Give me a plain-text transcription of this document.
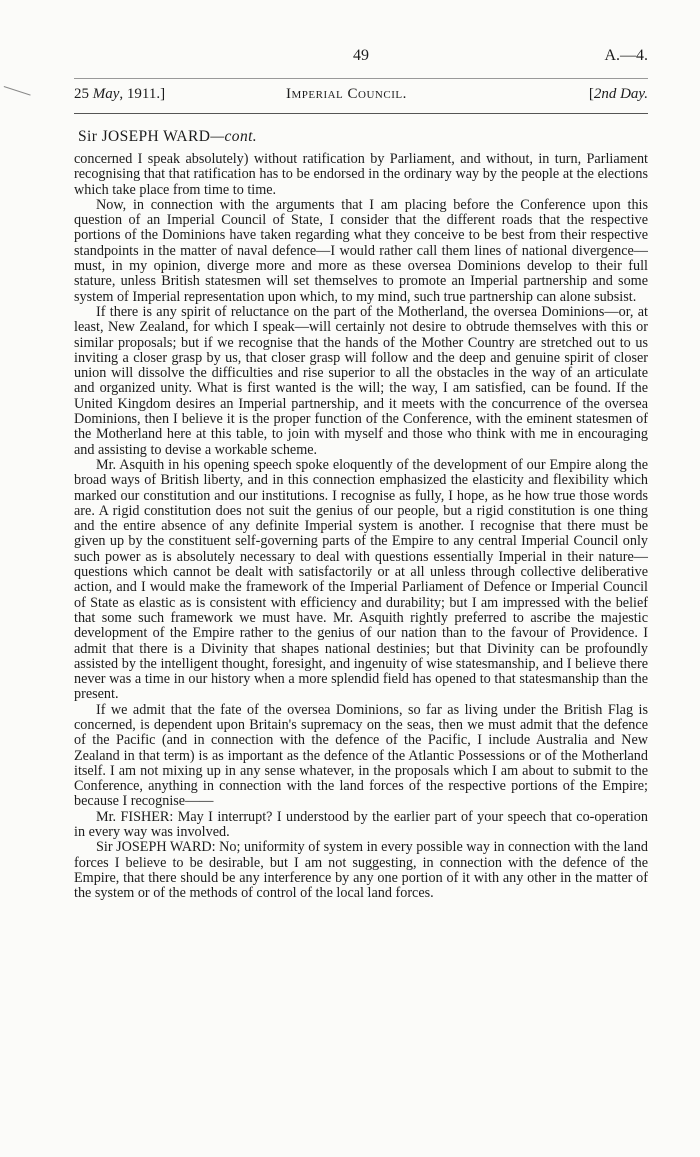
49	A.—4.
25 May, 1911.]	Imperial Council.	[2nd Day.
Sir JOSEPH WARD—cont.

concerned I speak absolutely) without ratification by Parliament, and without, in turn, Parliament recognising that that ratification has to be endorsed in the ordinary way by the people at the elections which take place from time to time.

Now, in connection with the arguments that I am placing before the Conference upon this question of an Imperial Council of State, I consider that the different roads that the respective portions of the Dominions have taken regarding what they conceive to be best from their respective standpoints in the matter of naval defence—I would rather call them lines of national divergence—must, in my opinion, diverge more and more as these oversea Dominions develop to their full stature, unless British statesmen will set themselves to promote an Imperial partnership and some system of Imperial representation upon which, to my mind, such true partnership can alone subsist.

If there is any spirit of reluctance on the part of the Motherland, the oversea Dominions—or, at least, New Zealand, for which I speak—will certainly not desire to obtrude themselves with this or similar proposals; but if we recognise that the hands of the Mother Country are stretched out to us inviting a closer grasp by us, that closer grasp will follow and the deep and genuine spirit of closer union will dissolve the difficulties and rise superior to all the obstacles in the way of an articulate and organized unity. What is first wanted is the will; the way, I am satisfied, can be found. If the United Kingdom desires an Imperial partnership, and it meets with the concurrence of the oversea Dominions, then I believe it is the proper function of the Conference, with the eminent statesmen of the Motherland here at this table, to join with myself and those who think with me in encouraging and assisting to devise a workable scheme.

Mr. Asquith in his opening speech spoke eloquently of the development of our Empire along the broad ways of British liberty, and in this connection emphasized the elasticity and flexibility which marked our constitution and our institutions. I recognise as fully, I hope, as he how true those words are. A rigid constitution does not suit the genius of our people, but a rigid constitution is one thing and the entire absence of any definite Imperial system is another. I recognise that there must be given up by the constituent self-governing parts of the Empire to any central Imperial Council only such power as is absolutely necessary to deal with questions essentially Imperial in their nature—questions which cannot be dealt with satisfactorily or at all unless through collective deliberative action, and I would make the framework of the Imperial Parliament of Defence or Imperial Council of State as elastic as is consistent with efficiency and durability; but I am impressed with the belief that some such framework we must have. Mr. Asquith rightly preferred to ascribe the majestic development of the Empire rather to the genius of our nation than to the favour of Providence. I admit that there is a Divinity that shapes national destinies; but that Divinity can be profoundly assisted by the intelligent thought, foresight, and ingenuity of wise statesmanship, and I believe there never was a time in our history when a more splendid field has opened to that statesmanship than the present.

If we admit that the fate of the oversea Dominions, so far as living under the British Flag is concerned, is dependent upon Britain's supremacy on the seas, then we must admit that the defence of the Pacific (and in connection with the defence of the Pacific, I include Australia and New Zealand in that term) is as important as the defence of the Atlantic Possessions or of the Motherland itself. I am not mixing up in any sense whatever, in the proposals which I am about to submit to the Conference, anything in connection with the land forces of the respective portions of the Empire; because I recognise——

Mr. FISHER: May I interrupt? I understood by the earlier part of your speech that co-operation in every way was involved.

Sir JOSEPH WARD: No; uniformity of system in every possible way in connection with the land forces I believe to be desirable, but I am not suggesting, in connection with the defence of the Empire, that there should be any interference by any one portion of it with any other in the matter of the system or of the methods of control of the local land forces.
